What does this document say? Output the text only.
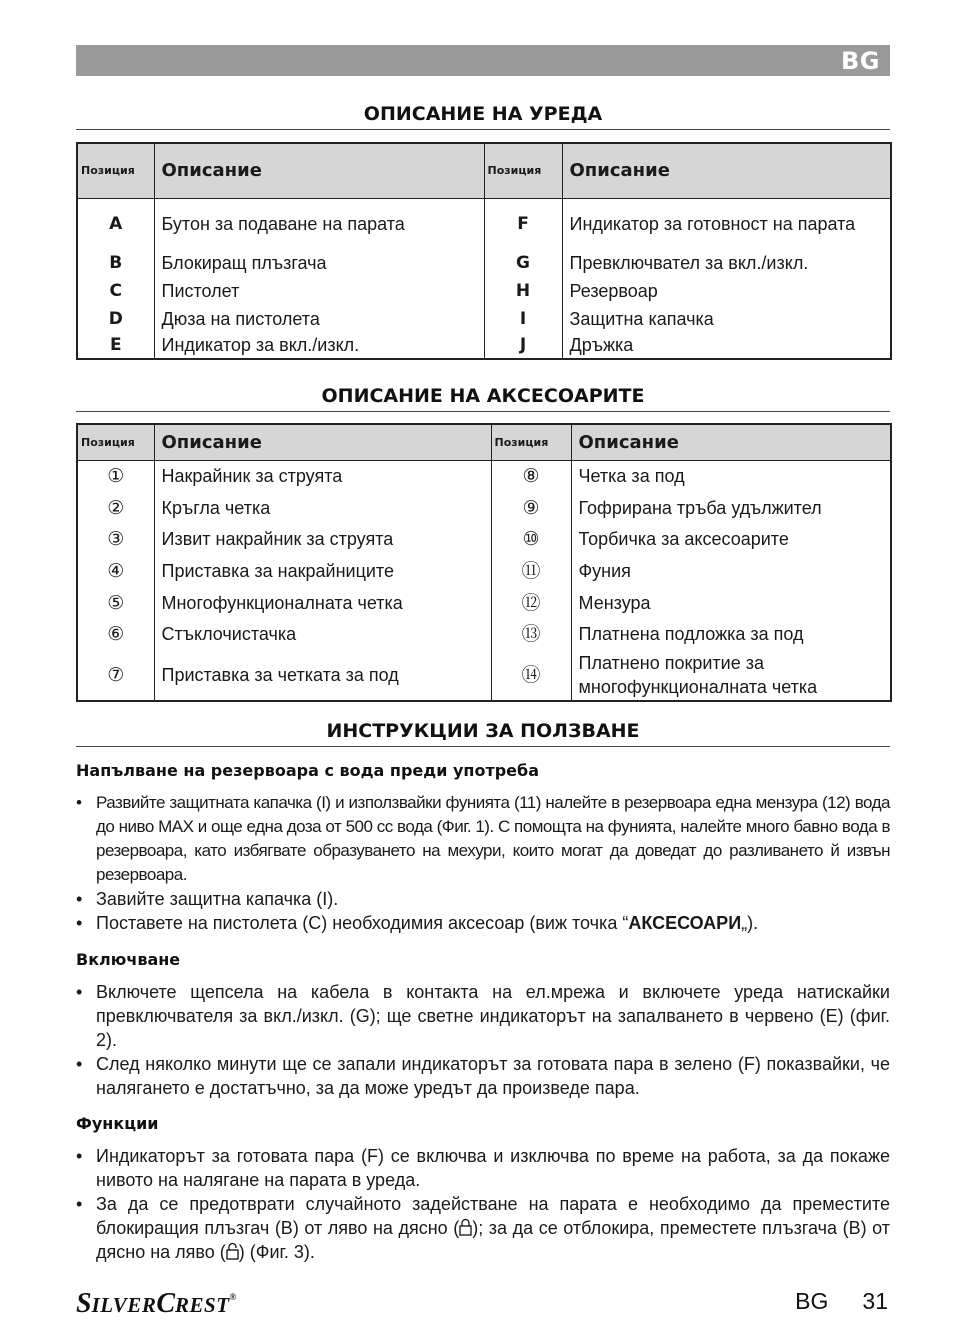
BG
ОПИСАНИЕ НА УРЕДА
Позиция	Описание	Позиция	Описание
A	Бутон за подаване на парата	F	Индикатор за готовност на парата
B	Блокиращ плъзгача	G	Превключвател за вкл./изкл.
C	Пистолет	H	Резервоар
D	Дюза на пистолета	I	Защитна капачка
E	Индикатор за вкл./изкл.	J	Дръжка
ОПИСАНИЕ НА АКСЕСОАРИТЕ
Позиция	Описание	Позиция	Описание
①	Накрайник за струята	⑧	Четка за под
②	Кръгла четка	⑨	Гофрирана тръба удължител
③	Извит накрайник за струята	⑩	Торбичка за аксесоарите
④	Приставка за накрайниците	⑪	Фуния
⑤	Многофункционалната четка	⑫	Мензура
⑥	Стъклочистачка	⑬	Платнена подложка за под
⑦	Приставка за четката за под	⑭	Платнено покритие за многофункционалната четка
ИНСТРУКЦИИ ЗА ПОЛЗВАНЕ
Напълване на резервоара с вода преди употреба
• Развийте защитната капачка (I) и използвайки фунията (11) налейте в резервоара една мензура (12) вода до ниво MAX и още една доза от 500 cc вода (Фиг. 1). С помощта на фунията, налейте много бавно вода в резервоара, като избягвате образуването на мехури, които могат да доведат до разливането й извън резервоара.
• Завийте защитна капачка (I).
• Поставете на пистолета (C) необходимия аксесоар (виж точка “АКСЕСОАРИ„).
Включване
• Включете щепсела на кабела в контакта на ел.мрежа и включете уреда натискайки превключвателя за вкл./изкл. (G); ще светне индикаторът на запалването в червено (E) (фиг. 2).
• След няколко минути ще се запали индикаторът за готовата пара в зелено (F) показвайки, че налягането е достатъчно, за да може уредът да произведе пара.
Функции
• Индикаторът за готовата пара (F) се включва и изключва по време на работа, за да покаже нивото на налягане на парата в уреда.
• За да се предотврати случайното задействане на парата е необходимо да преместите блокиращия плъзгач (B) от ляво на дясно ( ); за да се отблокира, преместете плъзгача (B) от дясно на ляво ( ) (Фиг. 3).
SILVERCREST®	BG 31
